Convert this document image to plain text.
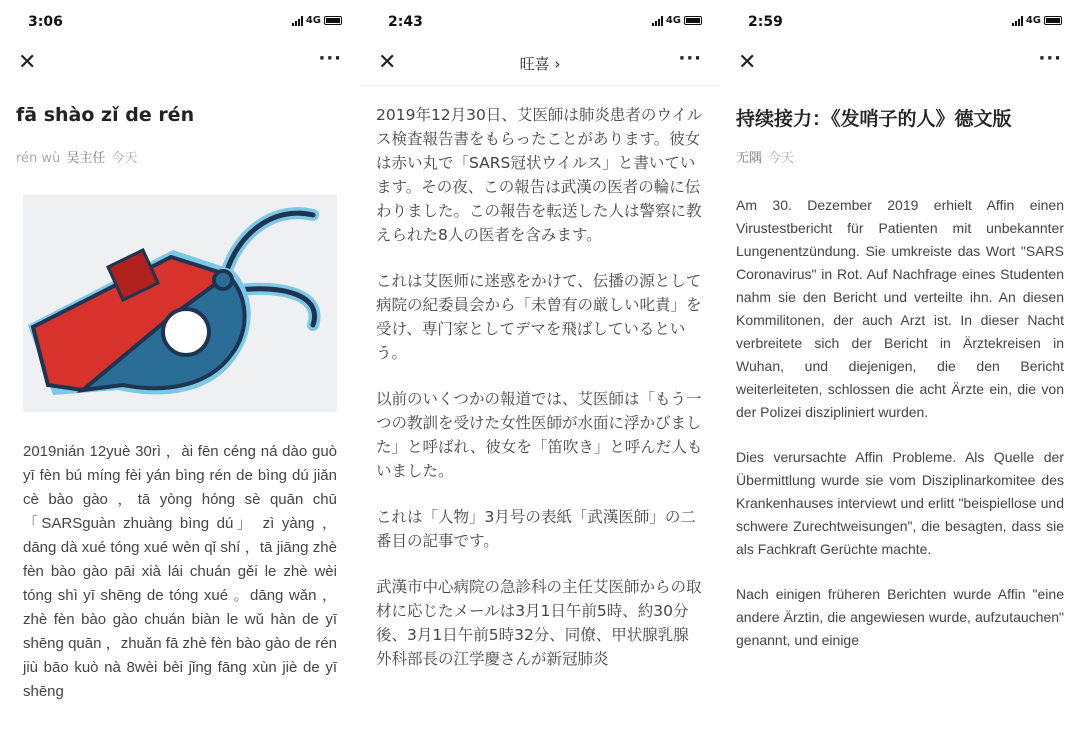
3:06	4G
✕	···
fā shào zǐ de rén
rén wù 吴主任 今天

2019nián 12yuè 30rì ，ài fēn céng ná dào guò yī fèn bú míng fèi yán bìng rén de bìng dú jiǎn cè bào gào ，tā yòng hóng sè quān chū 「SARSguàn zhuàng bìng dú」 zì yàng ，dāng dà xué tóng xué wèn qǐ shí ，tā jiāng zhè fèn bào gào pāi xià lái chuán gěi le zhè wèi tóng shì yī shēng de tóng xué 。dāng wǎn ，zhè fèn bào gào chuán biàn le wǔ hàn de yī shēng quān ，zhuǎn fā zhè fèn bào gào de rén jiù bāo kuò nà 8wèi bèi jǐng fāng xùn jiè de yī shēng

2:43	4G
✕	旺喜 ›	···

2019年12月30日、艾医師は肺炎患者のウイルス検査報告書をもらったことがあります。彼女は赤い丸で「SARS冠状ウイルス」と書いています。その夜、この報告は武漢の医者の輪に伝わりました。この報告を転送した人は警察に教えられた8人の医者を含みます。

これは艾医师に迷惑をかけて、伝播の源として病院の紀委員会から「未曽有の厳しい叱責」を受け、専门家としてデマを飛ばしているという。

以前のいくつかの報道では、艾医師は「もう一つの教訓を受けた女性医師が水面に浮かびました」と呼ばれ、彼女を「笛吹き」と呼んだ人もいました。

これは「人物」3月号の表紙「武漢医師」の二番目の記事です。

武漢市中心病院の急診科の主任艾医師からの取材に応じたメールは3月1日午前5時、約30分後、3月1日午前5時32分、同僚、甲状腺乳腺外科部長の江学慶さんが新冠肺炎

2:59	4G
✕	···
持续接力：《发哨子的人》德文版
无隅 今天

Am 30. Dezember 2019 erhielt Affin einen Virustestbericht für Patienten mit unbekannter Lungenentzündung. Sie umkreiste das Wort "SARS Coronavirus" in Rot. Auf Nachfrage eines Studenten nahm sie den Bericht und verteilte ihn. An diesen Kommilitonen, der auch Arzt ist. In dieser Nacht verbreitete sich der Bericht in Ärztekreisen in Wuhan, und diejenigen, die den Bericht weiterleiteten, schlossen die acht Ärzte ein, die von der Polizei diszipliniert wurden.

Dies verursachte Affin Probleme. Als Quelle der Übermittlung wurde sie vom Disziplinarkomitee des Krankenhauses interviewt und erlitt "beispiellose und schwere Zurechtweisungen", die besagten, dass sie als Fachkraft Gerüchte machte.

Nach einigen früheren Berichten wurde Affin "eine andere Ärztin, die angewiesen wurde, aufzutauchen" genannt, und einige
